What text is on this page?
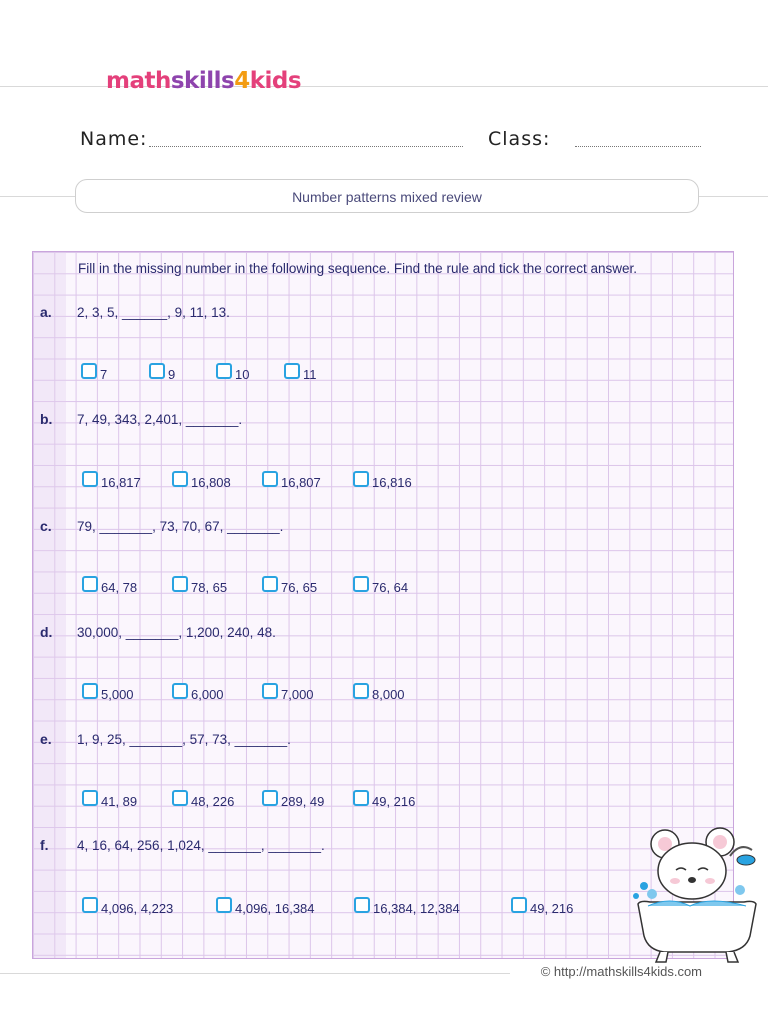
mathskills4kids
Name:	Class:
Number patterns mixed review
Fill in the missing number in the following sequence. Find the rule and tick the correct answer.
a. 2, 3, 5, ______, 9, 11, 13.
7	9	10	11
b. 7, 49, 343, 2,401, _______.
16,817	16,808	16,807	16,816
c. 79, _______, 73, 70, 67, _______.
64, 78	78, 65	76, 65	76, 64
d. 30,000, _______, 1,200, 240, 48.
5,000	6,000	7,000	8,000
e. 1, 9, 25, _______, 57, 73, _______.
41, 89	48, 226	289, 49	49, 216
f. 4, 16, 64, 256, 1,024, _______, _______.
4,096, 4,223	4,096, 16,384	16,384, 12,384	49, 216
© http://mathskills4kids.com
